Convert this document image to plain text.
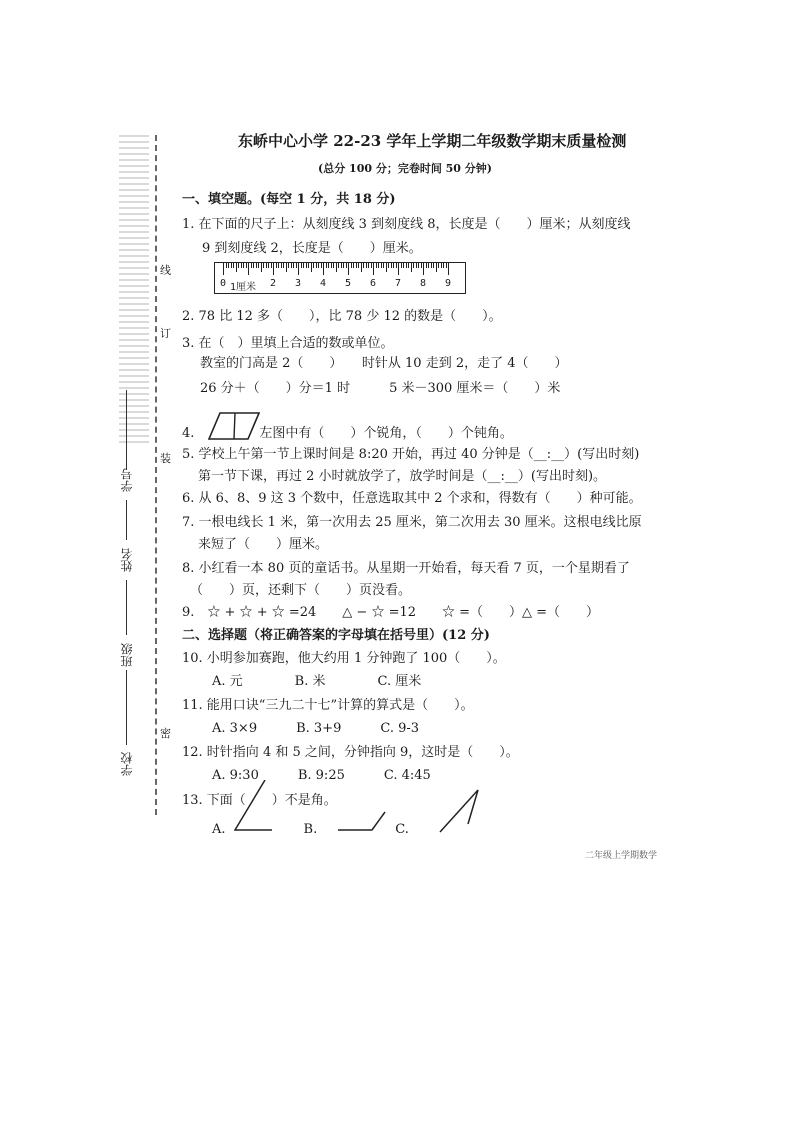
学号
姓名
班级
学校
线
订
装
密
东峤中心小学 22-23 学年上学期二年级数学期末质量检测
(总分 100 分；完卷时间 50 分钟)
一、填空题。(每空 1 分，共 18 分)
1. 在下面的尺子上：从刻度线 3 到刻度线 8，长度是（　　）厘米；从刻度线
9 到刻度线 2，长度是（　　）厘米。
0 1厘米 2 3 4 5 6 7 8 9
2. 78 比 12 多（　　），比 78 少 12 的数是（　　）。
3. 在（　）里填上合适的数或单位。
教室的门高是 2（　　）　　时针从 10 走到 2，走了 4（　　）
26 分＋（　　）分＝1 时　　　5 米－300 厘米＝（　　）米
4.　　　　　左图中有（　　）个锐角，（　　）个钝角。
5. 学校上午第一节上课时间是 8:20 开始，再过 40 分钟是（__:__）(写出时刻)
第一节下课，再过 2 小时就放学了，放学时间是（__:__）(写出时刻)。
6. 从 6、8、9 这 3 个数中，任意选取其中 2 个求和，得数有（　　）种可能。
7. 一根电线长 1 米，第一次用去 25 厘米，第二次用去 30 厘米。这根电线比原
来短了（　　）厘米。
8. 小红看一本 80 页的童话书。从星期一开始看，每天看 7 页，一个星期看了
（　　）页，还剩下（　　）页没看。
9.　☆ + ☆ + ☆ =24　　△ − ☆ =12　　☆ =（　　）△ =（　　）
二、选择题（将正确答案的字母填在括号里）(12 分)
10. 小明参加赛跑，他大约用 1 分钟跑了 100（　　）。
A. 元　　　　B. 米　　　　C. 厘米
11. 能用口诀“三九二十七”计算的算式是（　　）。
A. 3×9　　　B. 3+9　　　C. 9-3
12. 时针指向 4 和 5 之间，分钟指向 9，这时是（　　）。
A. 9:30　　　B. 9:25　　　C. 4:45
13. 下面（　　）不是角。
A.　　　　　　B.　　　　　　C.
二年级上学期数学
